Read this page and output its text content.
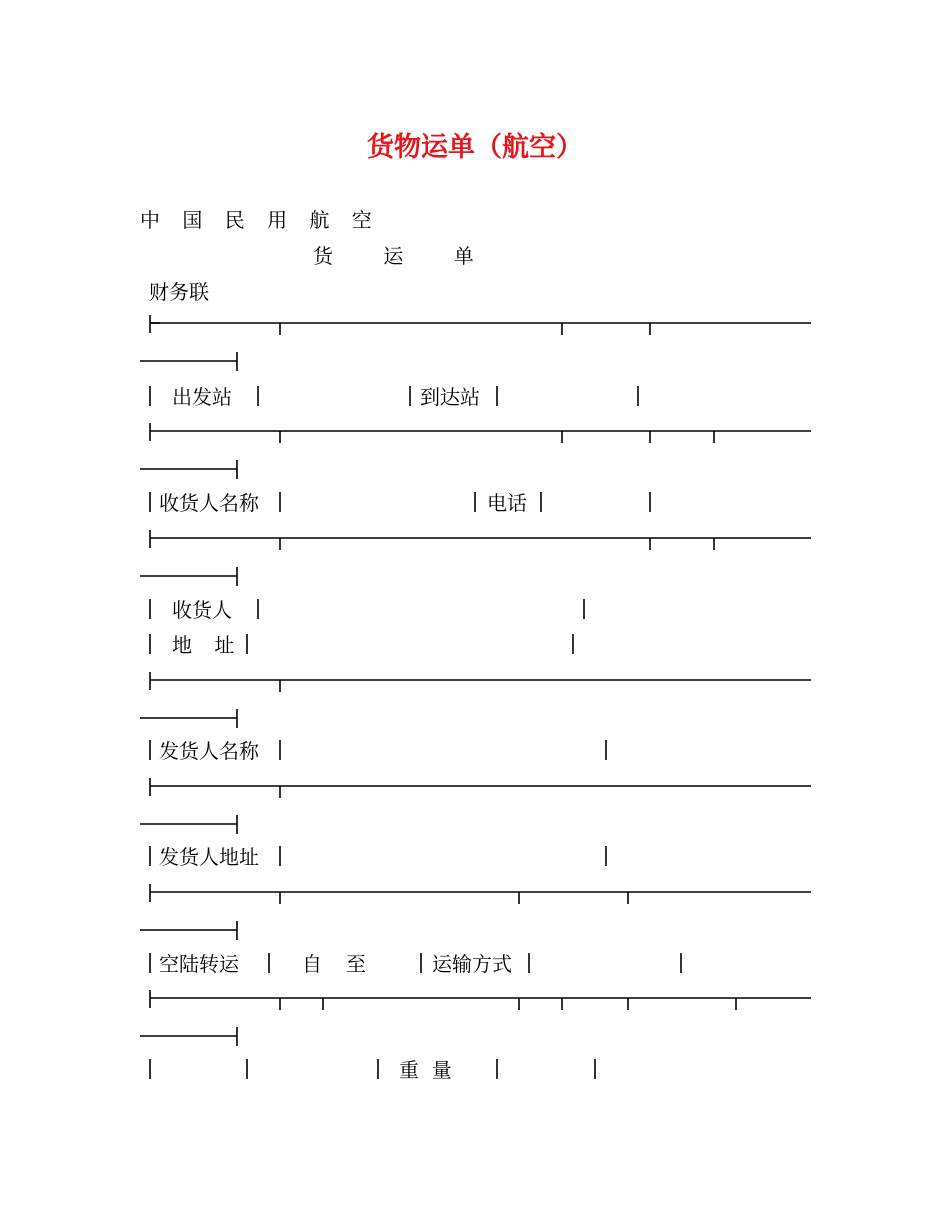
货物运单（航空）
中 国 民 用 航 空
货 运 单
财务联
出发站	到达站
收货人名称	电话
收货人
地 址
发货人名称
发货人地址
空陆转运	自 至	运输方式
重  量
